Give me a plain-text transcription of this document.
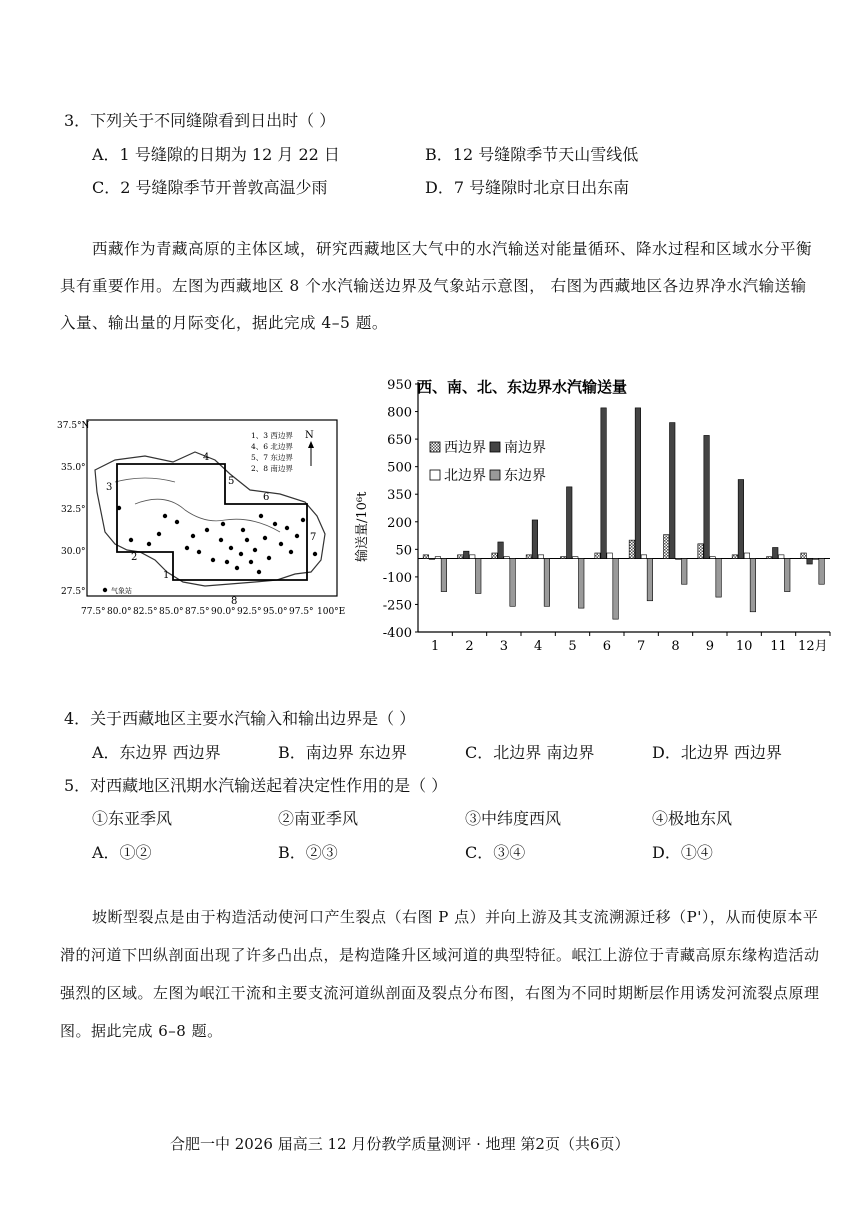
3．下列关于不同缝隙看到日出时（ ）
A．1 号缝隙的日期为 12 月 22 日	B．12 号缝隙季节天山雪线低
C．2 号缝隙季节开普敦高温少雨	D．7 号缝隙时北京日出东南
西藏作为青藏高原的主体区域，研究西藏地区大气中的水汽输送对能量循环、降水过程和区域水分平衡具有重要作用。左图为西藏地区 8 个水汽输送边界及气象站示意图， 右图为西藏地区各边界净水汽输送输入量、输出量的月际变化，据此完成 4–5 题。
37.5°N
35.0°
32.5°
30.0°
27.5°
77.5° 80.0° 82.5° 85.0° 87.5° 90.0° 92.5° 95.0° 97.5° 100°E
1
2
3
4
5
6
7
8
1、3 西边界
4、6 北边界
5、7 东边界
2、8 南边界
N
气象站
西、南、北、东边界水汽输送量
输送量/10⁶t
950
800
650
500
350
200
50
-100
-250
-400
1 2 3 4 5 6 7 8 9 10 11 12月
西边界 南边界
北边界 东边界
4．关于西藏地区主要水汽输入和输出边界是（ ）
A．东边界 西边界	B．南边界 东边界	C．北边界 南边界	D．北边界 西边界
5．对西藏地区汛期水汽输送起着决定性作用的是（ ）
①东亚季风	②南亚季风	③中纬度西风	④极地东风
A．①②	B．②③	C．③④	D．①④
坡断型裂点是由于构造活动使河口产生裂点（右图 P 点）并向上游及其支流溯源迁移（P'），从而使原本平滑的河道下凹纵剖面出现了许多凸出点，是构造隆升区域河道的典型特征。岷江上游位于青藏高原东缘构造活动强烈的区域。左图为岷江干流和主要支流河道纵剖面及裂点分布图，右图为不同时期断层作用诱发河流裂点原理图。据此完成 6–8 题。
合肥一中 2026 届高三 12 月份教学质量测评 · 地理 第2页（共6页）
